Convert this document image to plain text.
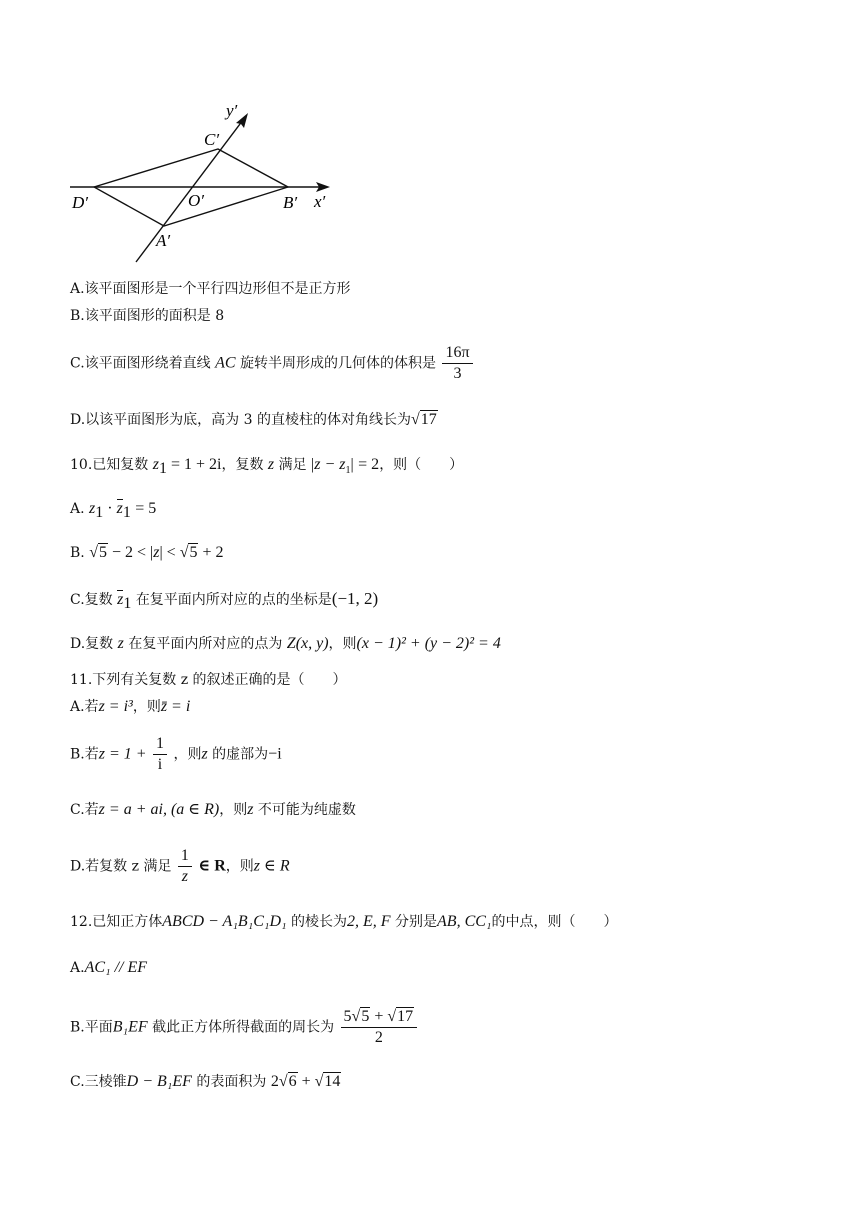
y′
x′
C′
D′	O′	B′
A′
A.该平面图形是一个平行四边形但不是正方形
B.该平面图形的面积是 8
C.该平面图形绕着直线 AC 旋转半周形成的几何体的体积是 $\frac{16\pi}{3}$
D.以该平面图形为底，高为 3 的直棱柱的体对角线长为√17
10.已知复数 $z_1 = 1 + 2i$，复数 z 满足 $|z - z_1| = 2$，则（　　）
A. $z_1 \cdot z_1 = 5$
B. √5 − 2 < |z| < √5 + 2
C.复数 $z_1$ 在复平面内所对应的点的坐标是(−1, 2)
D.复数 z 在复平面内所对应的点为 Z(x, y)，则(x − 1)² + (y − 2)² = 4
11.下列有关复数 z 的叙述正确的是（　　）
A.若z = i³，则z̄ = i
B.若$z = 1 + \frac{1}{i}$ ，则z 的虚部为−i
C.若z = a + ai, (a ∈ R)，则z 不可能为纯虚数
D.若复数 z 满足 $\frac{1}{z}$ ∈ R，则z ∈ R
12.已知正方体ABCD − A₁B₁C₁D₁ 的棱长为2, E, F 分别是AB, CC₁的中点，则（　　）
A.AC₁ // EF
B.平面B₁EF 截此正方体所得截面的周长为 $\frac{5√5 + √17}{2}$
C.三棱锥D − B₁EF 的表面积为 2√6 + √14
